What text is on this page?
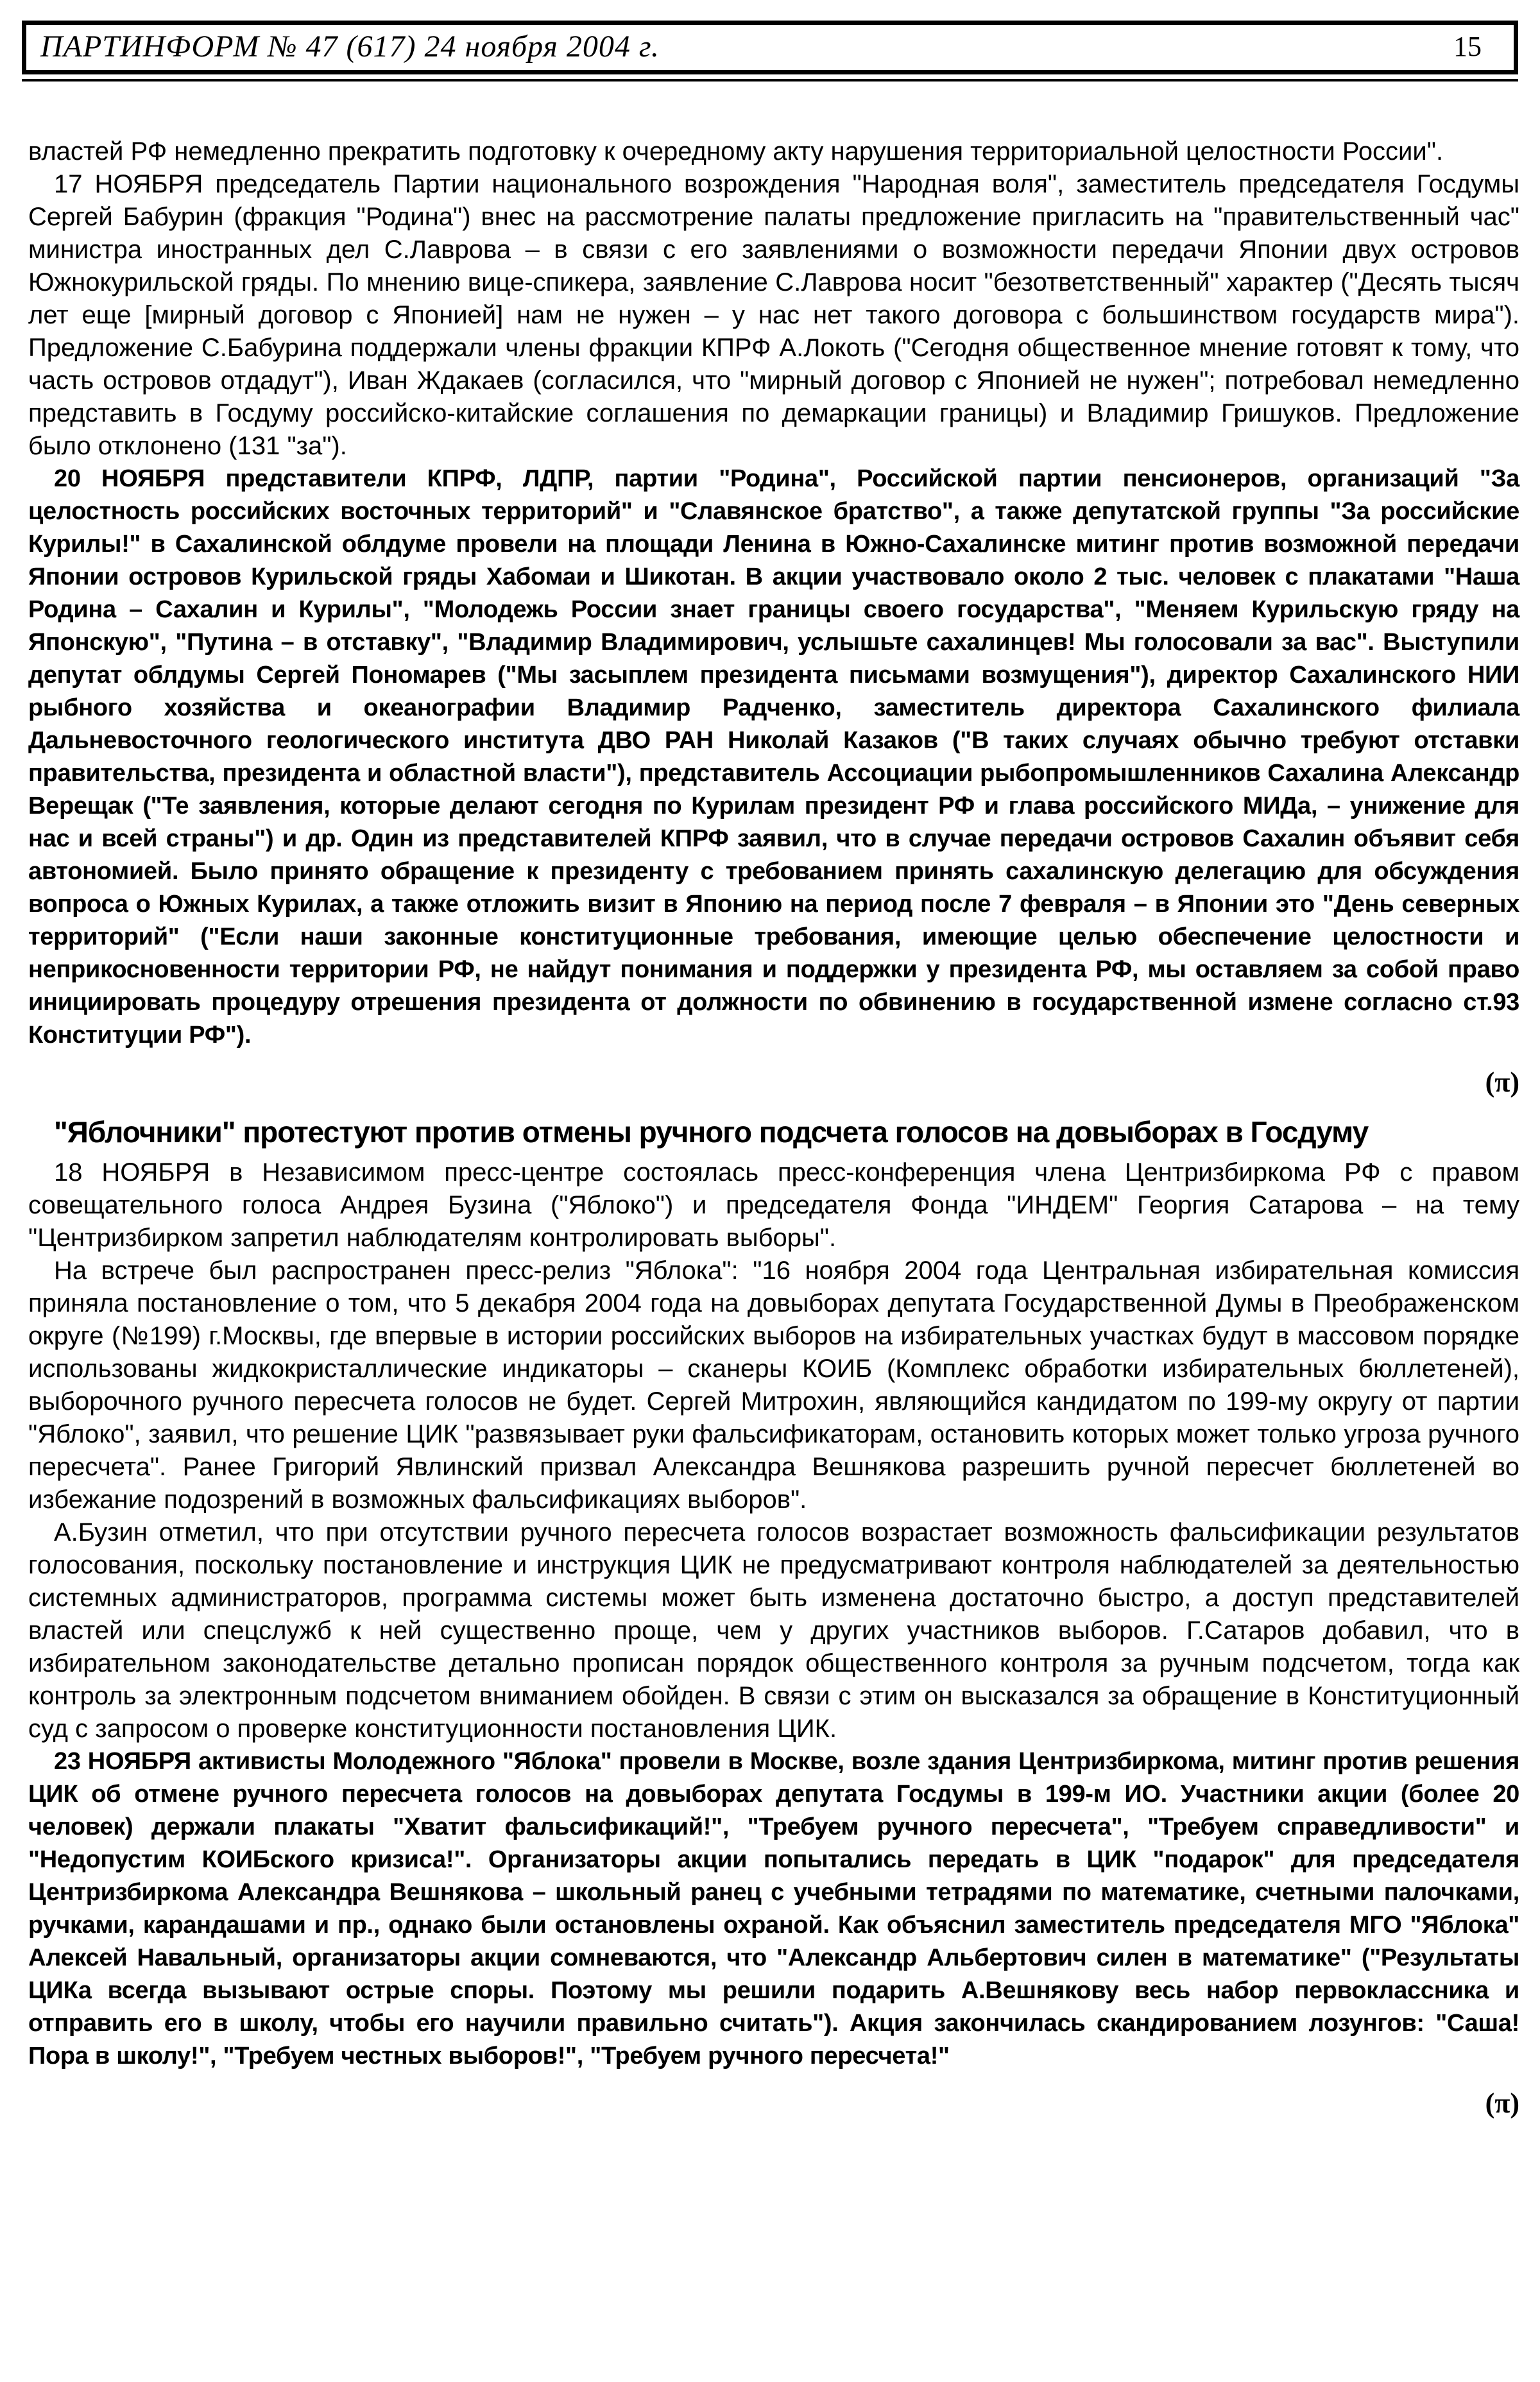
ПАРТИНФОРМ № 47 (617) 24 ноября 2004 г.	15

властей РФ немедленно прекратить подготовку к очередному акту нарушения территориальной целостности России".

17 НОЯБРЯ председатель Партии национального возрождения "Народная воля", заместитель председателя Госдумы Сергей Бабурин (фракция "Родина") внес на рассмотрение палаты предложение пригласить на "правительственный час" министра иностранных дел С.Лаврова – в связи с его заявлениями о возможности передачи Японии двух островов Южнокурильской гряды. По мнению вице-спикера, заявление С.Лаврова носит "безответственный" характер ("Десять тысяч лет еще [мирный договор с Японией] нам не нужен – у нас нет такого договора с большинством государств мира"). Предложение С.Бабурина поддержали члены фракции КПРФ А.Локоть ("Сегодня общественное мнение готовят к тому, что часть островов отдадут"), Иван Ждакаев (согласился, что "мирный договор с Японией не нужен"; потребовал немедленно представить в Госдуму российско-китайские соглашения по демаркации границы) и Владимир Гришуков. Предложение было отклонено (131 "за").

20 НОЯБРЯ представители КПРФ, ЛДПР, партии "Родина", Российской партии пенсионеров, организаций "За целостность российских восточных территорий" и "Славянское братство", а также депутатской группы "За российские Курилы!" в Сахалинской облдуме провели на площади Ленина в Южно-Сахалинске митинг против возможной передачи Японии островов Курильской гряды Хабомаи и Шикотан. В акции участвовало около 2 тыс. человек с плакатами "Наша Родина – Сахалин и Курилы", "Молодежь России знает границы своего государства", "Меняем Курильскую гряду на Японскую", "Путина – в отставку", "Владимир Владимирович, услышьте сахалинцев! Мы голосовали за вас". Выступили депутат облдумы Сергей Пономарев ("Мы засыплем президента письмами возмущения"), директор Сахалинского НИИ рыбного хозяйства и океанографии Владимир Радченко, заместитель директора Сахалинского филиала Дальневосточного геологического института ДВО РАН Николай Казаков ("В таких случаях обычно требуют отставки правительства, президента и областной власти"), представитель Ассоциации рыбопромышленников Сахалина Александр Верещак ("Те заявления, которые делают сегодня по Курилам президент РФ и глава российского МИДа, – унижение для нас и всей страны") и др. Один из представителей КПРФ заявил, что в случае передачи островов Сахалин объявит себя автономией. Было принято обращение к президенту с требованием принять сахалинскую делегацию для обсуждения вопроса о Южных Курилах, а также отложить визит в Японию на период после 7 февраля – в Японии это "День северных территорий" ("Если наши законные конституционные требования, имеющие целью обеспечение целостности и неприкосновенности территории РФ, не найдут понимания и поддержки у президента РФ, мы оставляем за собой право инициировать процедуру отрешения президента от должности по обвинению в государственной измене согласно ст.93 Конституции РФ").

(π)

"Яблочники" протестуют против отмены ручного подсчета голосов на довыборах в Госдуму

18 НОЯБРЯ в Независимом пресс-центре состоялась пресс-конференция члена Центризбиркома РФ с правом совещательного голоса Андрея Бузина ("Яблоко") и председателя Фонда "ИНДЕМ" Георгия Сатарова – на тему "Центризбирком запретил наблюдателям контролировать выборы".

На встрече был распространен пресс-релиз "Яблока": "16 ноября 2004 года Центральная избирательная комиссия приняла постановление о том, что 5 декабря 2004 года на довыборах депутата Государственной Думы в Преображенском округе (№199) г.Москвы, где впервые в истории российских выборов на избирательных участках будут в массовом порядке использованы жидкокристаллические индикаторы – сканеры КОИБ (Комплекс обработки избирательных бюллетеней), выборочного ручного пересчета голосов не будет. Сергей Митрохин, являющийся кандидатом по 199-му округу от партии "Яблоко", заявил, что решение ЦИК "развязывает руки фальсификаторам, остановить которых может только угроза ручного пересчета". Ранее Григорий Явлинский призвал Александра Вешнякова разрешить ручной пересчет бюллетеней во избежание подозрений в возможных фальсификациях выборов".

А.Бузин отметил, что при отсутствии ручного пересчета голосов возрастает возможность фальсификации результатов голосования, поскольку постановление и инструкция ЦИК не предусматривают контроля наблюдателей за деятельностью системных администраторов, программа системы может быть изменена достаточно быстро, а доступ представителей властей или спецслужб к ней существенно проще, чем у других участников выборов. Г.Сатаров добавил, что в избирательном законодательстве детально прописан порядок общественного контроля за ручным подсчетом, тогда как контроль за электронным подсчетом вниманием обойден. В связи с этим он высказался за обращение в Конституционный суд с запросом о проверке конституционности постановления ЦИК.

23 НОЯБРЯ активисты Молодежного "Яблока" провели в Москве, возле здания Центризбиркома, митинг против решения ЦИК об отмене ручного пересчета голосов на довыборах депутата Госдумы в 199-м ИО. Участники акции (более 20 человек) держали плакаты "Хватит фальсификаций!", "Требуем ручного пересчета", "Требуем справедливости" и "Недопустим КОИБского кризиса!". Организаторы акции попытались передать в ЦИК "подарок" для председателя Центризбиркома Александра Вешнякова – школьный ранец с учебными тетрадями по математике, счетными палочками, ручками, карандашами и пр., однако были остановлены охраной. Как объяснил заместитель председателя МГО "Яблока" Алексей Навальный, организаторы акции сомневаются, что "Александр Альбертович силен в математике" ("Результаты ЦИКа всегда вызывают острые споры. Поэтому мы решили подарить А.Вешнякову весь набор первоклассника и отправить его в школу, чтобы его научили правильно считать"). Акция закончилась скандированием лозунгов: "Саша! Пора в школу!", "Требуем честных выборов!", "Требуем ручного пересчета!"

(π)
